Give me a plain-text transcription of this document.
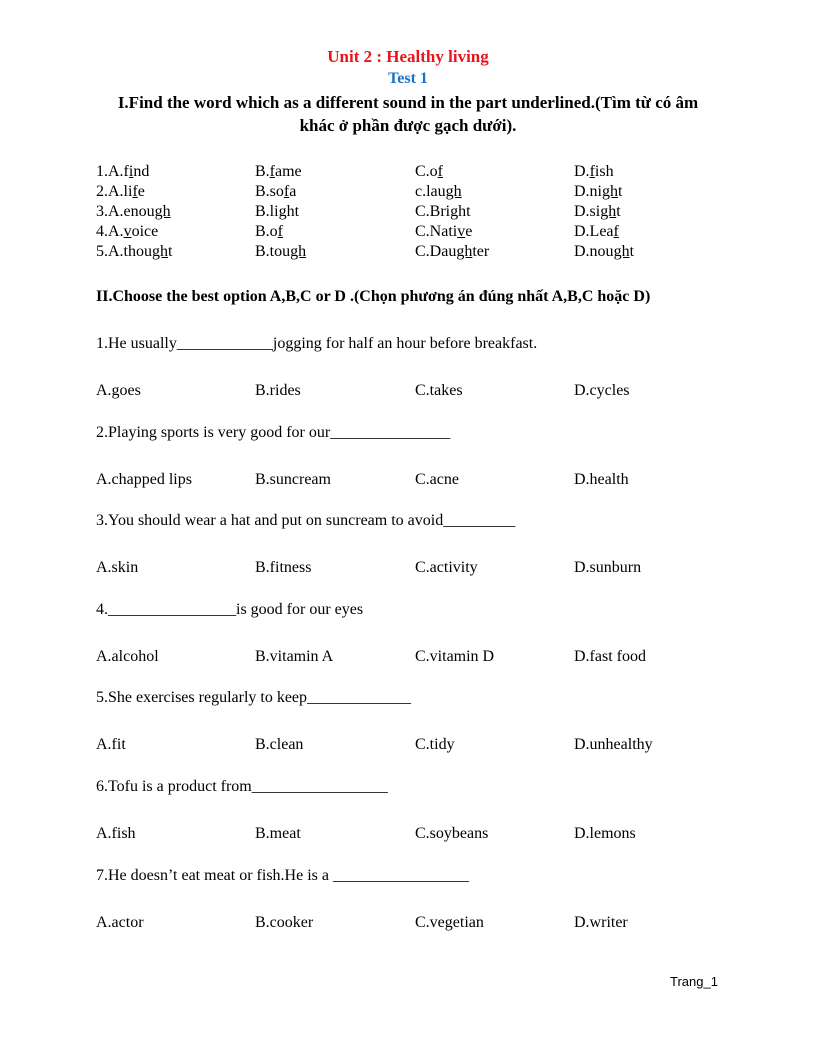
Unit 2 : Healthy living
Test 1
I.Find the word which as a different sound in the part underlined.(Tìm từ có âm
khác ở phần được gạch dưới).
1.A.find	B.fame	C.of	D.fish
2.A.life	B.sofa	c.laugh	D.night
3.A.enough	B.light	C.Bright	D.sight
4.A.voice	B.of	C.Native	D.Leaf
5.A.thought	B.tough	C.Daughter	D.nought
II.Choose the best option A,B,C or D .(Chọn phương án đúng nhất A,B,C hoặc D)
1.He usually____________jogging for half an hour before breakfast.
A.goes	B.rides	C.takes	D.cycles
2.Playing sports is very good for our_______________
A.chapped lips	B.suncream	C.acne	D.health
3.You should wear a hat and put on suncream to avoid_________
A.skin	B.fitness	C.activity	D.sunburn
4.________________is good for our eyes
A.alcohol	B.vitamin A	C.vitamin D	D.fast food
5.She exercises regularly to keep_____________
A.fit	B.clean	C.tidy	D.unhealthy
6.Tofu is a product from_________________
A.fish	B.meat	C.soybeans	D.lemons
7.He doesn’t eat meat or fish.He is a _________________
A.actor	B.cooker	C.vegetian	D.writer
Trang_1
